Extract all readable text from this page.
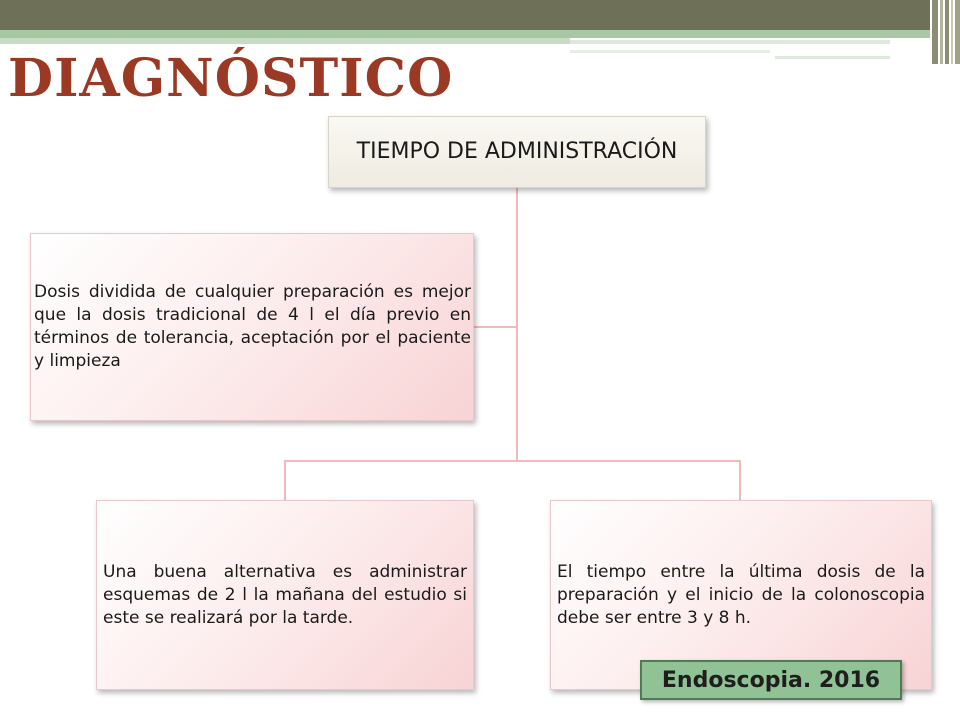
DIAGNÓSTICO
TIEMPO DE ADMINISTRACIÓN
Dosis dividida de cualquier preparación es mejor que la dosis tradicional de 4 l el día previo en términos de tolerancia, aceptación por el paciente y limpieza
Una buena alternativa es administrar esquemas de 2 l la mañana del estudio si este se realizará por la tarde.
El tiempo entre la última dosis de la preparación y el inicio de la colonoscopia debe ser entre 3 y 8 h.
Endoscopia. 2016
